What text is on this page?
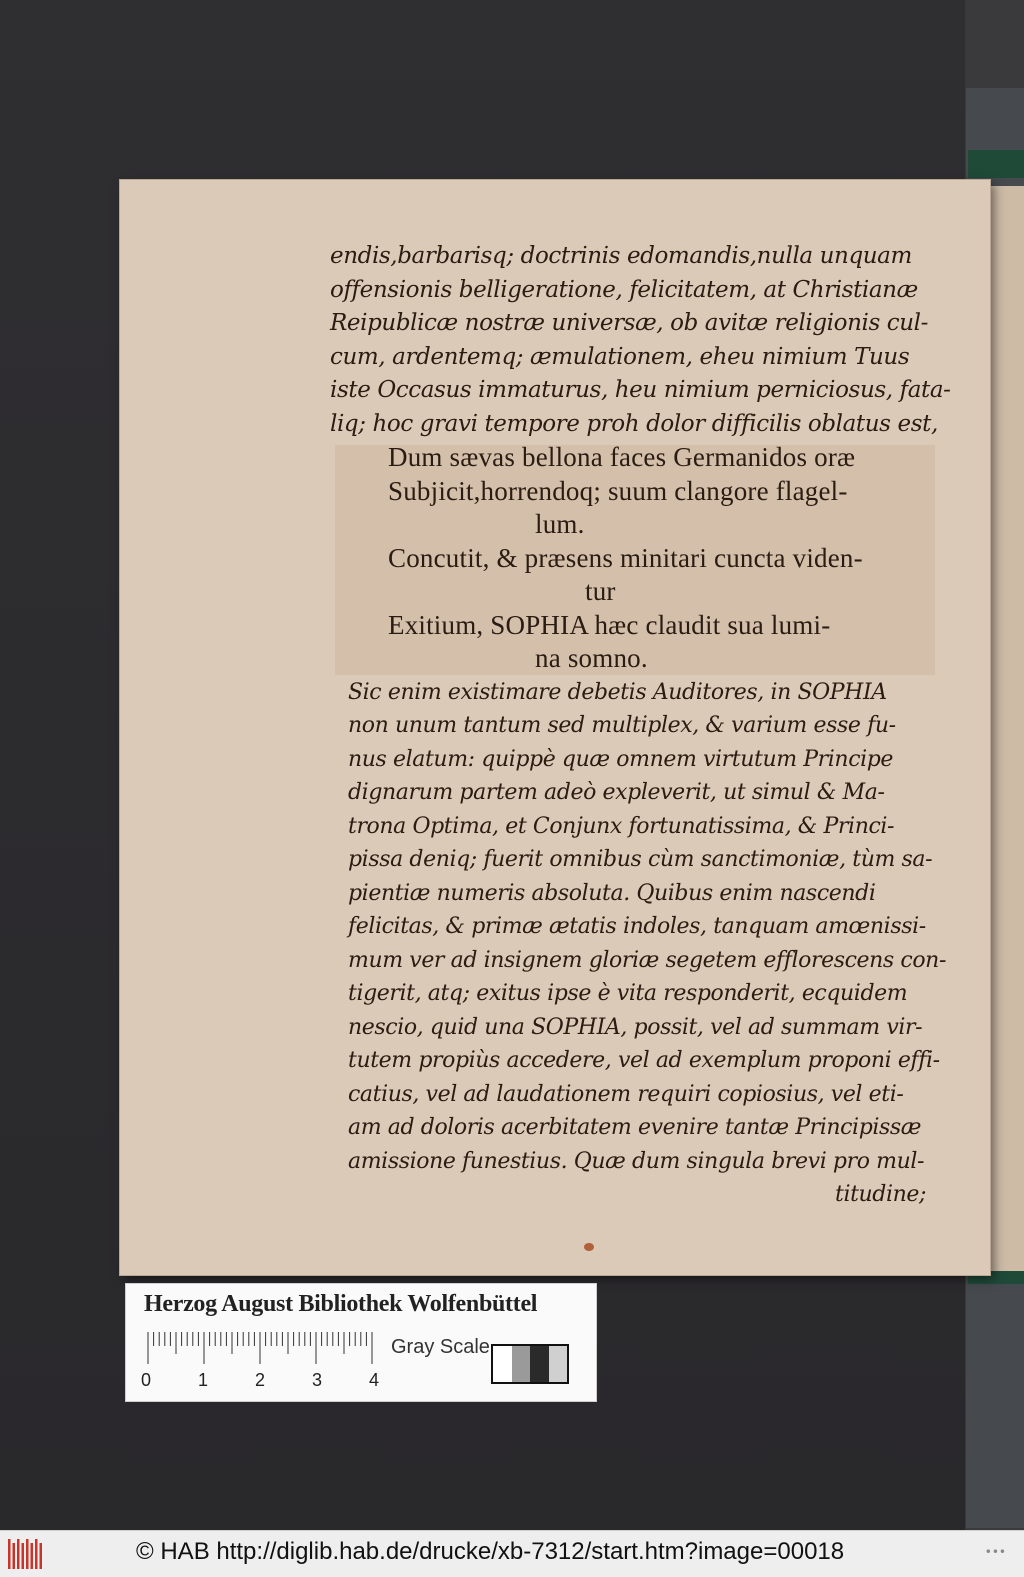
endis,barbarisq; doctrinis edomandis,nulla unquam
offensionis belligeratione, felicitatem, at Christianæ
Reipublicæ nostræ universæ, ob avitæ religionis cul-
cum, ardentemq; æmulationem, eheu nimium Tuus
iste Occasus immaturus, heu nimium perniciosus, fata-
liq; hoc gravi tempore proh dolor difficilis oblatus est,
Dum sævas bellona faces Germanidos oræ
Subjicit,horrendoq; suum clangore flagel-
lum.
Concutit, & præsens minitari cuncta viden-
tur
Exitium, SOPHIA hæc claudit sua lumi-
na somno.
Sic enim existimare debetis Auditores, in SOPHIA
non unum tantum sed multiplex, & varium esse fu-
nus elatum: quippè quæ omnem virtutum Principe
dignarum partem adeò expleverit, ut simul & Ma-
trona Optima, et Conjunx fortunatissima, & Princi-
pissa deniq; fuerit omnibus cùm sanctimoniæ, tùm sa-
pientiæ numeris absoluta. Quibus enim nascendi
felicitas, & primæ ætatis indoles, tanquam amœnissi-
mum ver ad insignem gloriæ segetem efflorescens con-
tigerit, atq; exitus ipse è vita responderit, ecquidem
nescio, quid una SOPHIA, possit, vel ad summam vir-
tutem propiùs accedere, vel ad exemplum proponi effi-
catius, vel ad laudationem requiri copiosius, vel eti-
am ad doloris acerbitatem evenire tantæ Principissæ
amissione funestius. Quæ dum singula brevi pro mul-
titudine;
Herzog August Bibliothek Wolfenbüttel
0	1	2	3	4
Gray Scale
© HAB http://diglib.hab.de/drucke/xb-7312/start.htm?image=00018	•••
